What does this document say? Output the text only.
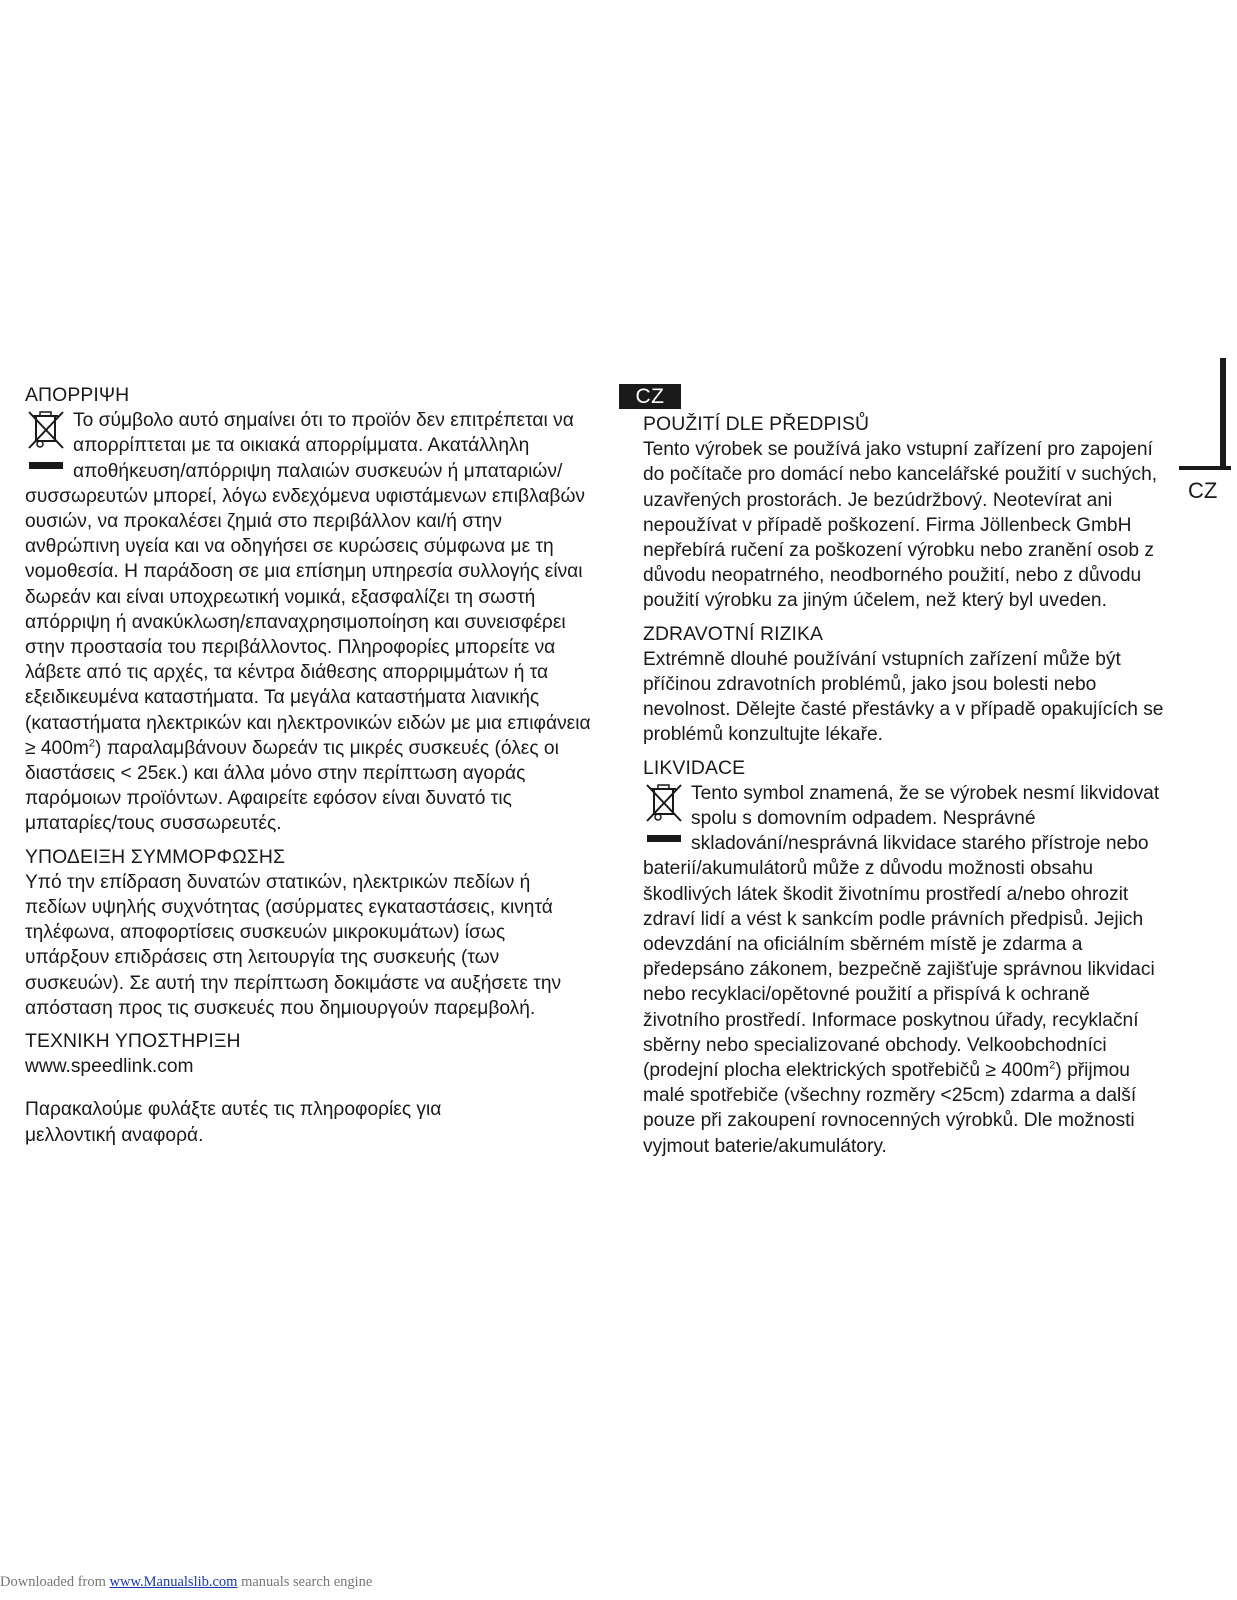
ΑΠΟΡΡΙΨΗ

Το σύμβολο αυτό σημαίνει ότι το προϊόν δεν επιτρέπεται να απορρίπτεται με τα οικιακά απορρίμματα. Ακατάλληλη αποθήκευση/απόρριψη παλαιών συσκευών ή μπαταριών/συσσωρευτών μπορεί, λόγω ενδεχόμενα υφιστάμενων επιβλαβών ουσιών, να προκαλέσει ζημιά στο περιβάλλον και/ή στην ανθρώπινη υγεία και να οδηγήσει σε κυρώσεις σύμφωνα με τη νομοθεσία. Η παράδοση σε μια επίσημη υπηρεσία συλλογής είναι δωρεάν και είναι υποχρεωτική νομικά, εξασφαλίζει τη σωστή απόρριψη ή ανακύκλωση/επαναχρησιμοποίηση και συνεισφέρει στην προστασία του περιβάλλοντος. Πληροφορίες μπορείτε να λάβετε από τις αρχές, τα κέντρα διάθεσης απορριμμάτων ή τα εξειδικευμένα καταστήματα. Τα μεγάλα καταστήματα λιανικής (καταστήματα ηλεκτρικών και ηλεκτρονικών ειδών με μια $\varepsilon\pi\iota\varphi ά\nu\varepsilon\iota\alpha \ge 400m^2$) παραλαμβάνουν δωρεάν τις μικρές συσκευές (όλες οι διαστάσεις < 25εκ.) και άλλα μόνο στην περίπτωση αγοράς παρόμοιων προϊόντων. Αφαιρείτε εφόσον είναι δυνατό τις μπαταρίες/τους συσσωρευτές.

ΥΠΟΔΕΙΞΗ ΣΥΜΜΟΡΦΩΣΗΣ

Υπό την επίδραση δυνατών στατικών, ηλεκτρικών πεδίων ή πεδίων υψηλής συχνότητας (ασύρματες εγκαταστάσεις, κινητά τηλέφωνα, αποφορτίσεις συσκευών μικροκυμάτων) ίσως υπάρξουν επιδράσεις στη λειτουργία της συσκευής (των συσκευών). Σε αυτή την περίπτωση δοκιμάστε να αυξήσετε την απόσταση προς τις συσκευές που δημιουργούν παρεμβολή.

ΤΕΧΝΙΚΗ ΥΠΟΣΤΗΡΙΞΗ

www.speedlink.com

Παρακαλούμε φυλάξτε αυτές τις πληροφορίες για μελλοντική αναφορά.

CZ
POUŽITÍ DLE PŘEDPISŮ

Tento výrobek se používá jako vstupní zařízení pro zapojení do počítače pro domácí nebo kancelářské použití v suchých, uzavřených prostorách. Je bezúdržbový. Neotevírat ani nepoužívat v případě poškození. Firma Jöllenbeck GmbH nepřebírá ručení za poškození výrobku nebo zranění osob z důvodu neopatrného, neodborného použití, nebo z důvodu použití výrobku za jiným účelem, než který byl uveden.

ZDRAVOTNÍ RIZIKA

Extrémně dlouhé používání vstupních zařízení může být příčinou zdravotních problémů, jako jsou bolesti nebo nevolnost. Dělejte časté přestávky a v případě opakujících se problémů konzultujte lékaře.

LIKVIDACE

Tento symbol znamená, že se výrobek nesmí likvidovat spolu s domovním odpadem. Nesprávné skladování/nesprávná likvidace starého přístroje nebo baterií/akumulátorů může z důvodu možnosti obsahu škodlivých látek škodit životnímu prostředí a/nebo ohrozit zdraví lidí a vést k sankcím podle právních předpisů. Jejich odevzdání na oficiálním sběrném místě je zdarma a předepsáno zákonem, bezpečně zajišťuje správnou likvidaci nebo recyklaci/opětovné použití a přispívá k ochraně životního prostředí. Informace poskytnou úřady, recyklační sběrny nebo specializované obchody. Velkoobchodníci (prodejní plocha elektrických spotřebičů ≥ $400m^2$) přijmou malé spotřebiče (všechny rozměry <25cm) zdarma a další pouze při zakoupení rovnocenných výrobků. Dle možnosti vyjmout baterie/akumulátory.

CZ
Downloaded from www.Manualslib.com manuals search engine
